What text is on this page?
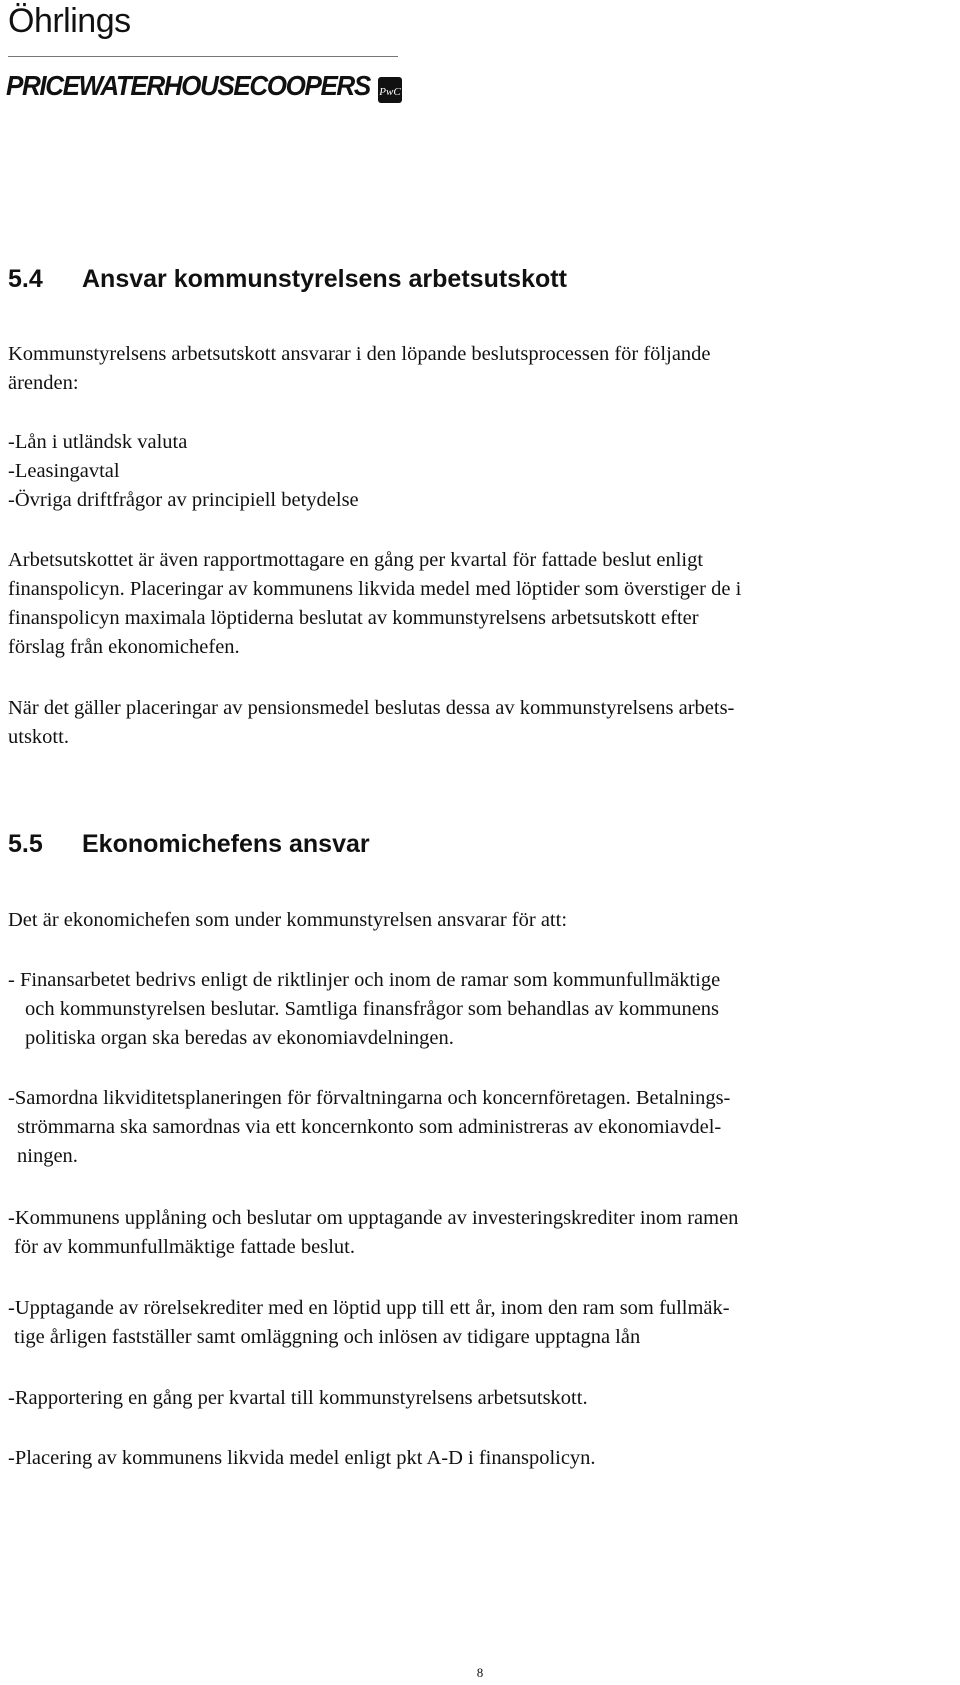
Öhrlings
PRICEWATERHOUSECOOPERS PwC
5.4 Ansvar kommunstyrelsens arbetsutskott

Kommunstyrelsens arbetsutskott ansvarar i den löpande beslutsprocessen för följande
ärenden:

-Lån i utländsk valuta
-Leasingavtal
-Övriga driftfrågor av principiell betydelse

Arbetsutskottet är även rapportmottagare en gång per kvartal för fattade beslut enligt
finanspolicyn. Placeringar av kommunens likvida medel med löptider som överstiger de i
finanspolicyn maximala löptiderna beslutat av kommunstyrelsens arbetsutskott efter
förslag från ekonomichefen.

När det gäller placeringar av pensionsmedel beslutas dessa av kommunstyrelsens arbets-
utskott.

5.5 Ekonomichefens ansvar

Det är ekonomichefen som under kommunstyrelsen ansvarar för att:

- Finansarbetet bedrivs enligt de riktlinjer och inom de ramar som kommunfullmäktige
och kommunstyrelsen beslutar. Samtliga finansfrågor som behandlas av kommunens
politiska organ ska beredas av ekonomiavdelningen.
-Samordna likviditetsplaneringen för förvaltningarna och koncernföretagen. Betalnings-
strömmarna ska samordnas via ett koncernkonto som administreras av ekonomiavdel-
ningen.
-Kommunens upplåning och beslutar om upptagande av investeringskrediter inom ramen
för av kommunfullmäktige fattade beslut.
-Upptagande av rörelsekrediter med en löptid upp till ett år, inom den ram som fullmäk-
tige årligen fastställer samt omläggning och inlösen av tidigare upptagna lån
-Rapportering en gång per kvartal till kommunstyrelsens arbetsutskott.
-Placering av kommunens likvida medel enligt pkt A-D i finanspolicyn.
8
